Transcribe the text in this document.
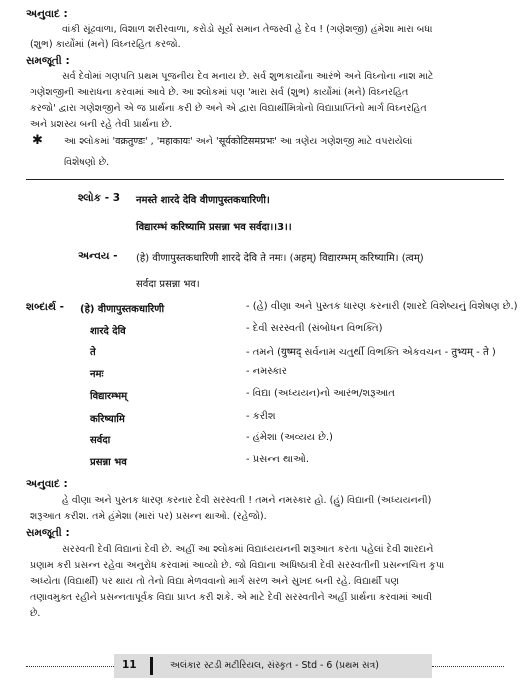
અનુવાદ :
વાંકી સૂંઢવાળા, વિશાળ શરીરવાળા, કરોડો સૂર્ય સમાન તેજસ્વી હે દેવ ! (ગણેશજી) હંમેશા મારા બધા
(શુભ) કાર્યોમાં (મને) વિઘ્નરહિત કરજો.
સમજૂતી :
સર્વ દેવોમાં ગણપતિ પ્રથમ પૂજનીય દેવ મનાય છે. સર્વ શુભકાર્યોના આરંભે અને વિઘ્નોના નાશ માટે
ગણેશજીની આરાધના કરવામાં આવે છે. આ શ્લોકમાં પણ 'મારા સર્વ (શુભ) કાર્યોમાં (મને) વિઘ્નરહિત
કરજો' દ્વારા ગણેશજીને એ જ પ્રાર્થના કરી છે અને એ દ્વારા વિદ્યાર્થીમિત્રોનો વિદ્યાપ્રાપ્તિનો માર્ગ વિઘ્નરહિત
અને પ્રશસ્ય બની રહે તેવી પ્રાર્થના છે.
✱ આ શ્લોકમાં 'वक्रतुण्डः' , 'महाकायः' અને 'सूर्यकोटिसमप्रभः' આ ત્રણેય ગણેશજી માટે વપરાયેલાં
વિશેષણો છે.
શ્લોક - 3 नमस्ते शारदे देवि वीणापुस्तकधारिणी।
विद्यारम्भं करिष्यामि प्रसन्ना भव सर्वदा।।3।।
અન્વય - (हे) वीणापुस्तकधारिणी शारदे देवि ते नमः। (अहम्) विद्यारम्भम् करिष्यामि। (त्वम्)
सर्वदा प्रसन्ना भव।
શબ્દાર્થ - (हे) वीणापुस्तकधारिणी	- (હે) વીણા અને પુસ્તક ધારણ કરનારી (શારદે વિશેષ્યનું વિશેષણ છે.)
शारदे देवि	- દેવી સરસ્વતી (સંબોધન વિભક્તિ)
ते	- તમને (युष्मद् સર્વનામ ચતુર્થી વિભક્તિ એકવચન - तुभ्यम् - ते )
नमः	- નમસ્કાર
विद्यारम्भम्	- વિદ્યા (અધ્યયન)નો આરંભ/શરૂઆત
करिष्यामि	- કરીશ
सर्वदा	- હંમેશા (અવ્યય છે.)
प्रसन्ना भव	- પ્રસન્ન થાઓ.
અનુવાદ :
હે વીણા અને પુસ્તક ધારણ કરનાર દેવી સરસ્વતી ! તમને નમસ્કાર હો. (હું) વિદ્યાની (અધ્યયનની)
શરૂઆત કરીશ. તમે હંમેશા (મારાં પર) પ્રસન્ન થાઓ. (રહેજો).
સમજૂતી :
સરસ્વતી દેવી વિદ્યાનાં દેવી છે. અહીં આ શ્લોકમાં વિદ્યાધ્યયનની શરૂઆત કરતા પહેલાં દેવી શારદાને
પ્રણામ કરી પ્રસન્ન રહેવા અનુરોધ કરવામાં આવ્યો છે. જો વિદ્યાના અધિષ્ઠાત્રી દેવી સરસ્વતીની પ્રસન્નચિત્ત કૃપા
અધ્યેતા (વિદ્યાર્થી) પર થાય તો તેનો વિદ્યા મેળવવાનો માર્ગ સરળ અને સુખદ બની રહે. વિદ્યાર્થી પણ
તણાવમુક્ત રહીને પ્રસન્નતાપૂર્વક વિદ્યા પ્રાપ્ત કરી શકે. એ માટે દેવી સરસ્વતીને અહીં પ્રાર્થના કરવામાં આવી
છે.
11	અલંકાર સ્ટડી મટીરિયલ, સંસ્કૃત - Std - 6 (પ્રથમ સત્ર)
